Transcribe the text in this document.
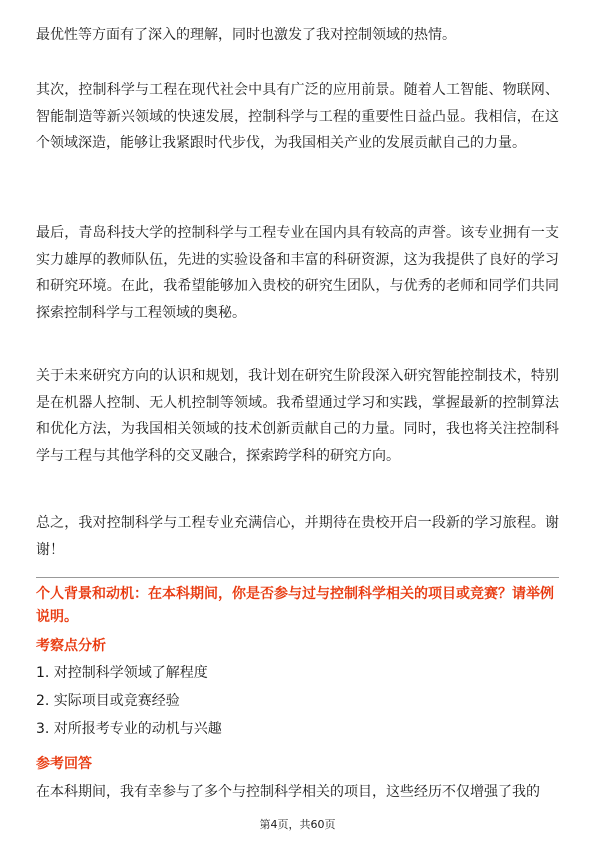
最优性等方面有了深入的理解，同时也激发了我对控制领域的热情。

其次，控制科学与工程在现代社会中具有广泛的应用前景。随着人工智能、物联网、智能制造等新兴领域的快速发展，控制科学与工程的重要性日益凸显。我相信，在这个领域深造，能够让我紧跟时代步伐，为我国相关产业的发展贡献自己的力量。

最后，青岛科技大学的控制科学与工程专业在国内具有较高的声誉。该专业拥有一支实力雄厚的教师队伍，先进的实验设备和丰富的科研资源，这为我提供了良好的学习和研究环境。在此，我希望能够加入贵校的研究生团队，与优秀的老师和同学们共同探索控制科学与工程领域的奥秘。

关于未来研究方向的认识和规划，我计划在研究生阶段深入研究智能控制技术，特别是在机器人控制、无人机控制等领域。我希望通过学习和实践，掌握最新的控制算法和优化方法，为我国相关领域的技术创新贡献自己的力量。同时，我也将关注控制科学与工程与其他学科的交叉融合，探索跨学科的研究方向。

总之，我对控制科学与工程专业充满信心，并期待在贵校开启一段新的学习旅程。谢谢！

个人背景和动机：在本科期间，你是否参与过与控制科学相关的项目或竞赛？请举例说明。

考察点分析

1. 对控制科学领域了解程度

2. 实际项目或竞赛经验

3. 对所报考专业的动机与兴趣

参考回答

在本科期间，我有幸参与了多个与控制科学相关的项目，这些经历不仅增强了我的

第4页，共60页
